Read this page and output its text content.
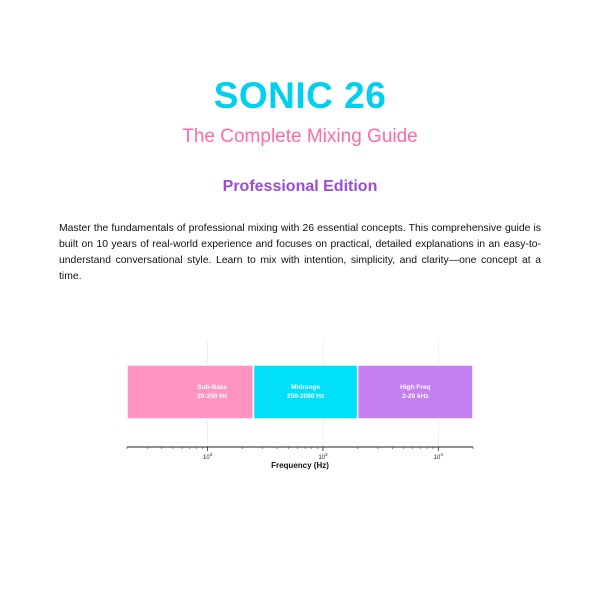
SONIC 26
The Complete Mixing Guide
Professional Edition

Master the fundamentals of professional mixing with 26 essential concepts. This comprehensive guide is built on 10 years of real-world experience and focuses on practical, detailed explanations in an easy-to-understand conversational style. Learn to mix with intention, simplicity, and clarity—one concept at a time.

Sub-Bass
20-250 Hz
Midrange
250-2000 Hz
High Freq
2-20 kHz
$10^2$
$10^3$
$10^4$
Frequency (Hz)
